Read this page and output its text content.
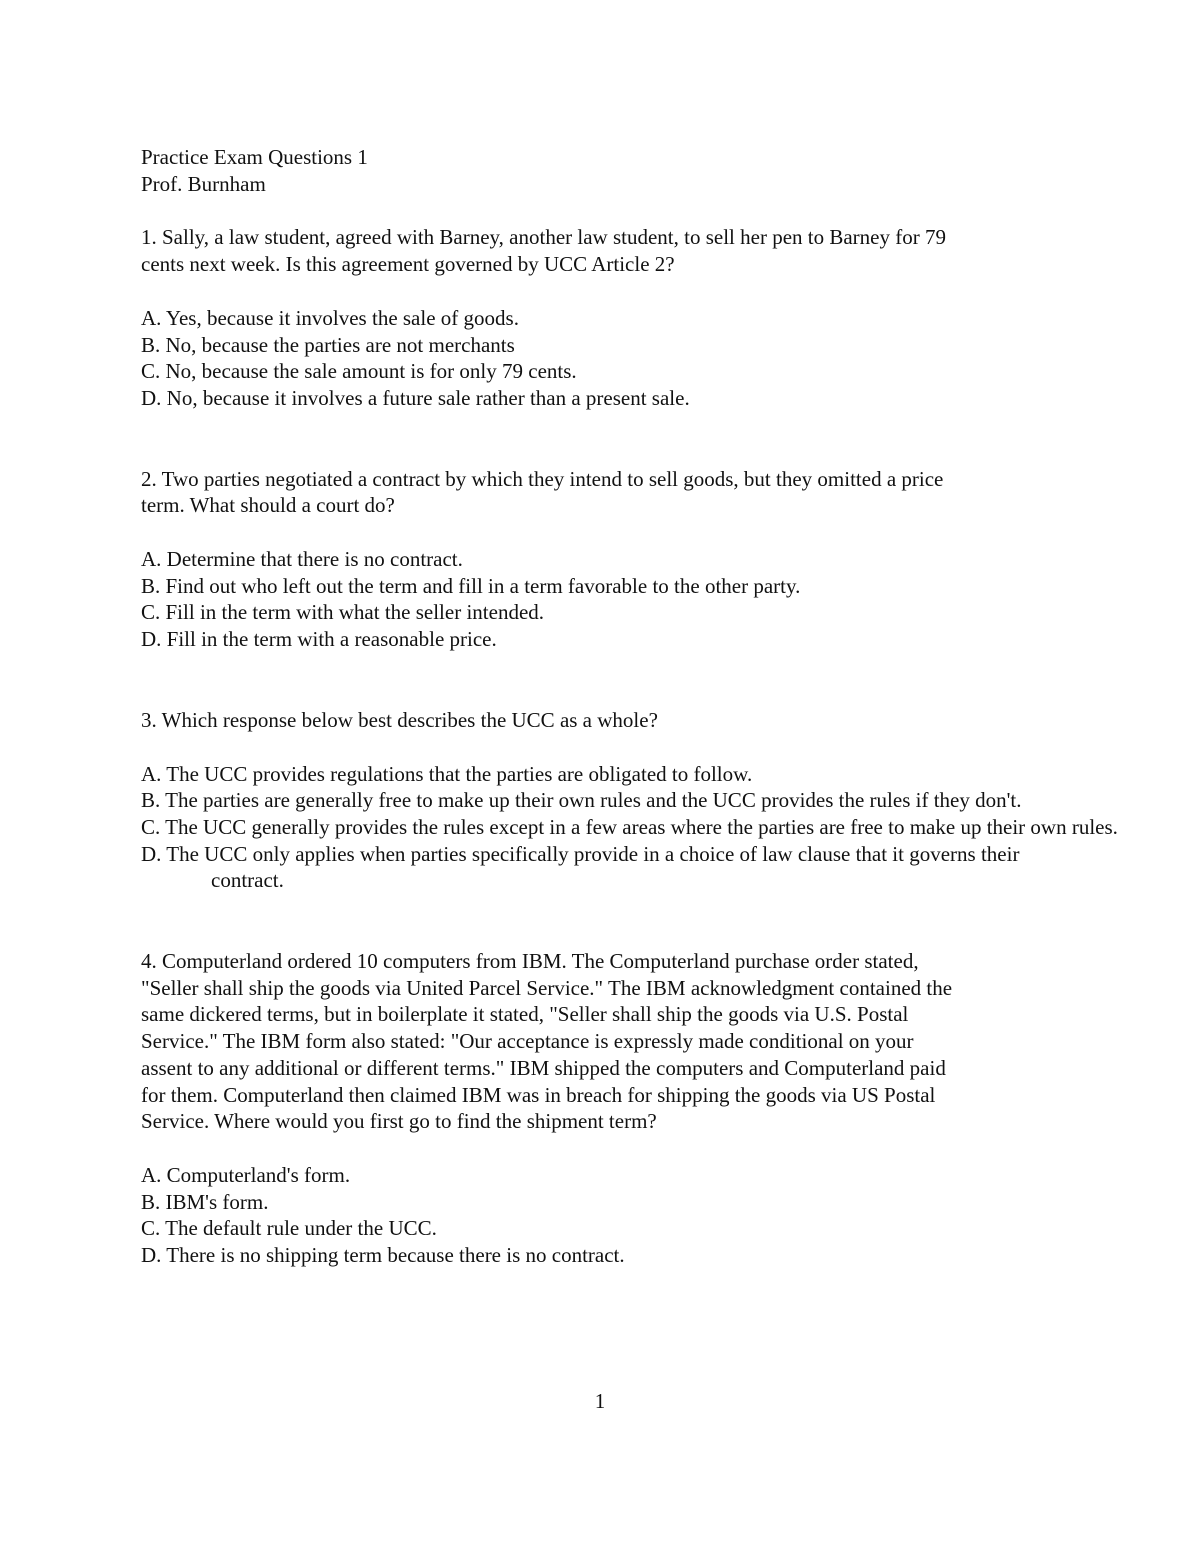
Practice Exam Questions 1
Prof. Burnham
1. Sally, a law student, agreed with Barney, another law student, to sell her pen to Barney for 79
cents next week. Is this agreement governed by UCC Article 2?
A. Yes, because it involves the sale of goods.
B. No, because the parties are not merchants
C. No, because the sale amount is for only 79 cents.
D. No, because it involves a future sale rather than a present sale.
2. Two parties negotiated a contract by which they intend to sell goods, but they omitted a price
term. What should a court do?
A. Determine that there is no contract.
B. Find out who left out the term and fill in a term favorable to the other party.
C. Fill in the term with what the seller intended.
D. Fill in the term with a reasonable price.
3. Which response below best describes the UCC as a whole?
A. The UCC provides regulations that the parties are obligated to follow.
B. The parties are generally free to make up their own rules and the UCC provides the rules if they don't.
C. The UCC generally provides the rules except in a few areas where the parties are free to make up their own rules.
D. The UCC only applies when parties specifically provide in a choice of law clause that it governs their contract.
4. Computerland ordered 10 computers from IBM. The Computerland purchase order stated,
"Seller shall ship the goods via United Parcel Service." The IBM acknowledgment contained the
same dickered terms, but in boilerplate it stated, "Seller shall ship the goods via U.S. Postal
Service." The IBM form also stated: "Our acceptance is expressly made conditional on your
assent to any additional or different terms." IBM shipped the computers and Computerland paid
for them. Computerland then claimed IBM was in breach for shipping the goods via US Postal
Service. Where would you first go to find the shipment term?
A. Computerland's form.
B. IBM's form.
C. The default rule under the UCC.
D. There is no shipping term because there is no contract.
1
